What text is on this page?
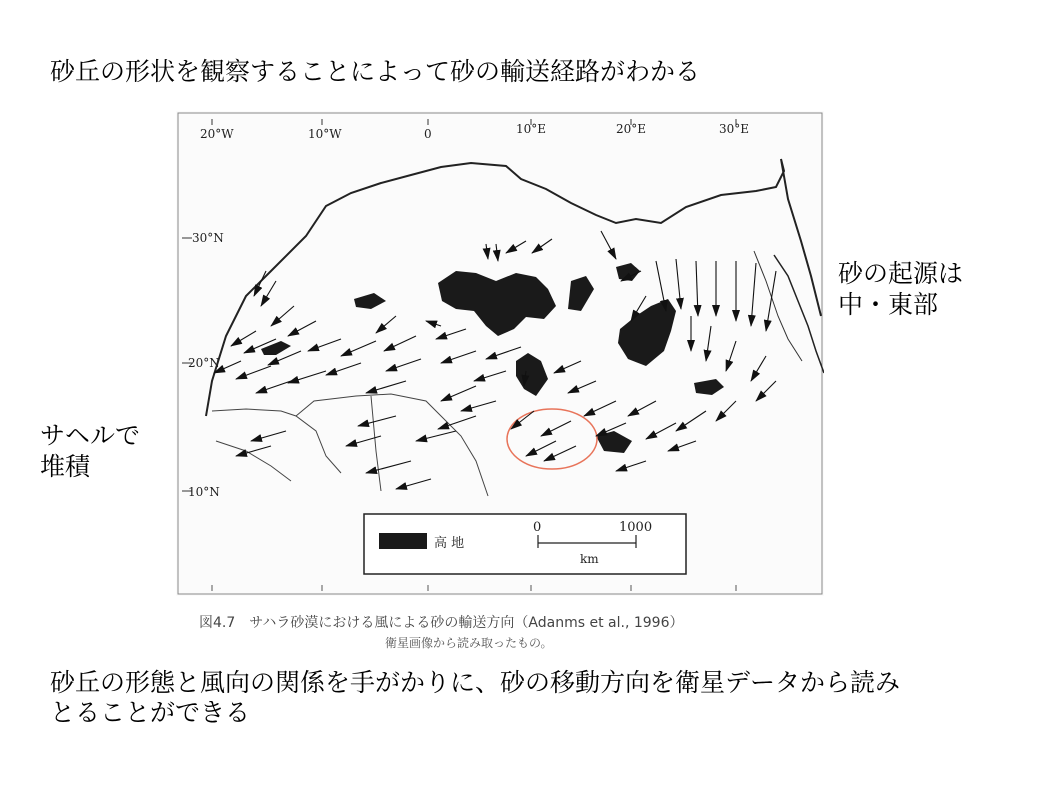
砂丘の形状を観察することによって砂の輸送経路がわかる
砂の起源は
中・東部
サヘルで
堆積
20°W	10°W	0	10°E	20°E	30°E
30°N
20°N
10°N
高 地
0	1000
km
図4.7　サハラ砂漠における風による砂の輸送方向（Adanms et al., 1996）
衛星画像から読み取ったもの。
砂丘の形態と風向の関係を手がかりに、砂の移動方向を衛星データから読み
とることができる
